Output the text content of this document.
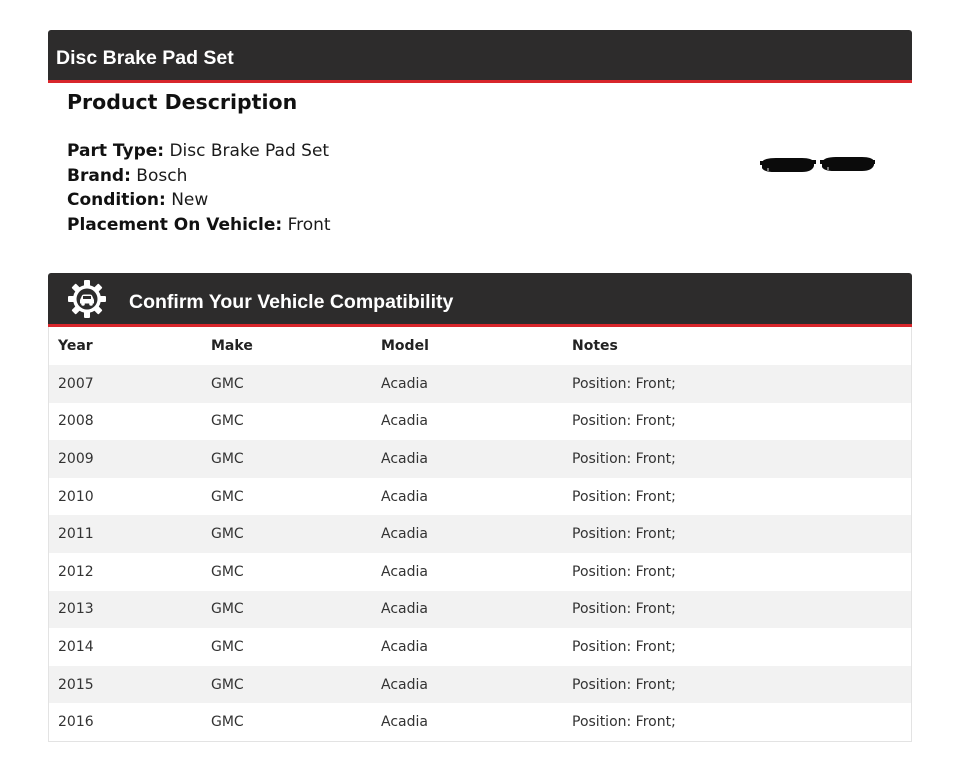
Disc Brake Pad Set
Product Description
Part Type: Disc Brake Pad Set
Brand: Bosch
Condition: New
Placement On Vehicle: Front
Confirm Your Vehicle Compatibility
Year	Make	Model	Notes
2007	GMC	Acadia	Position: Front;
2008	GMC	Acadia	Position: Front;
2009	GMC	Acadia	Position: Front;
2010	GMC	Acadia	Position: Front;
2011	GMC	Acadia	Position: Front;
2012	GMC	Acadia	Position: Front;
2013	GMC	Acadia	Position: Front;
2014	GMC	Acadia	Position: Front;
2015	GMC	Acadia	Position: Front;
2016	GMC	Acadia	Position: Front;
